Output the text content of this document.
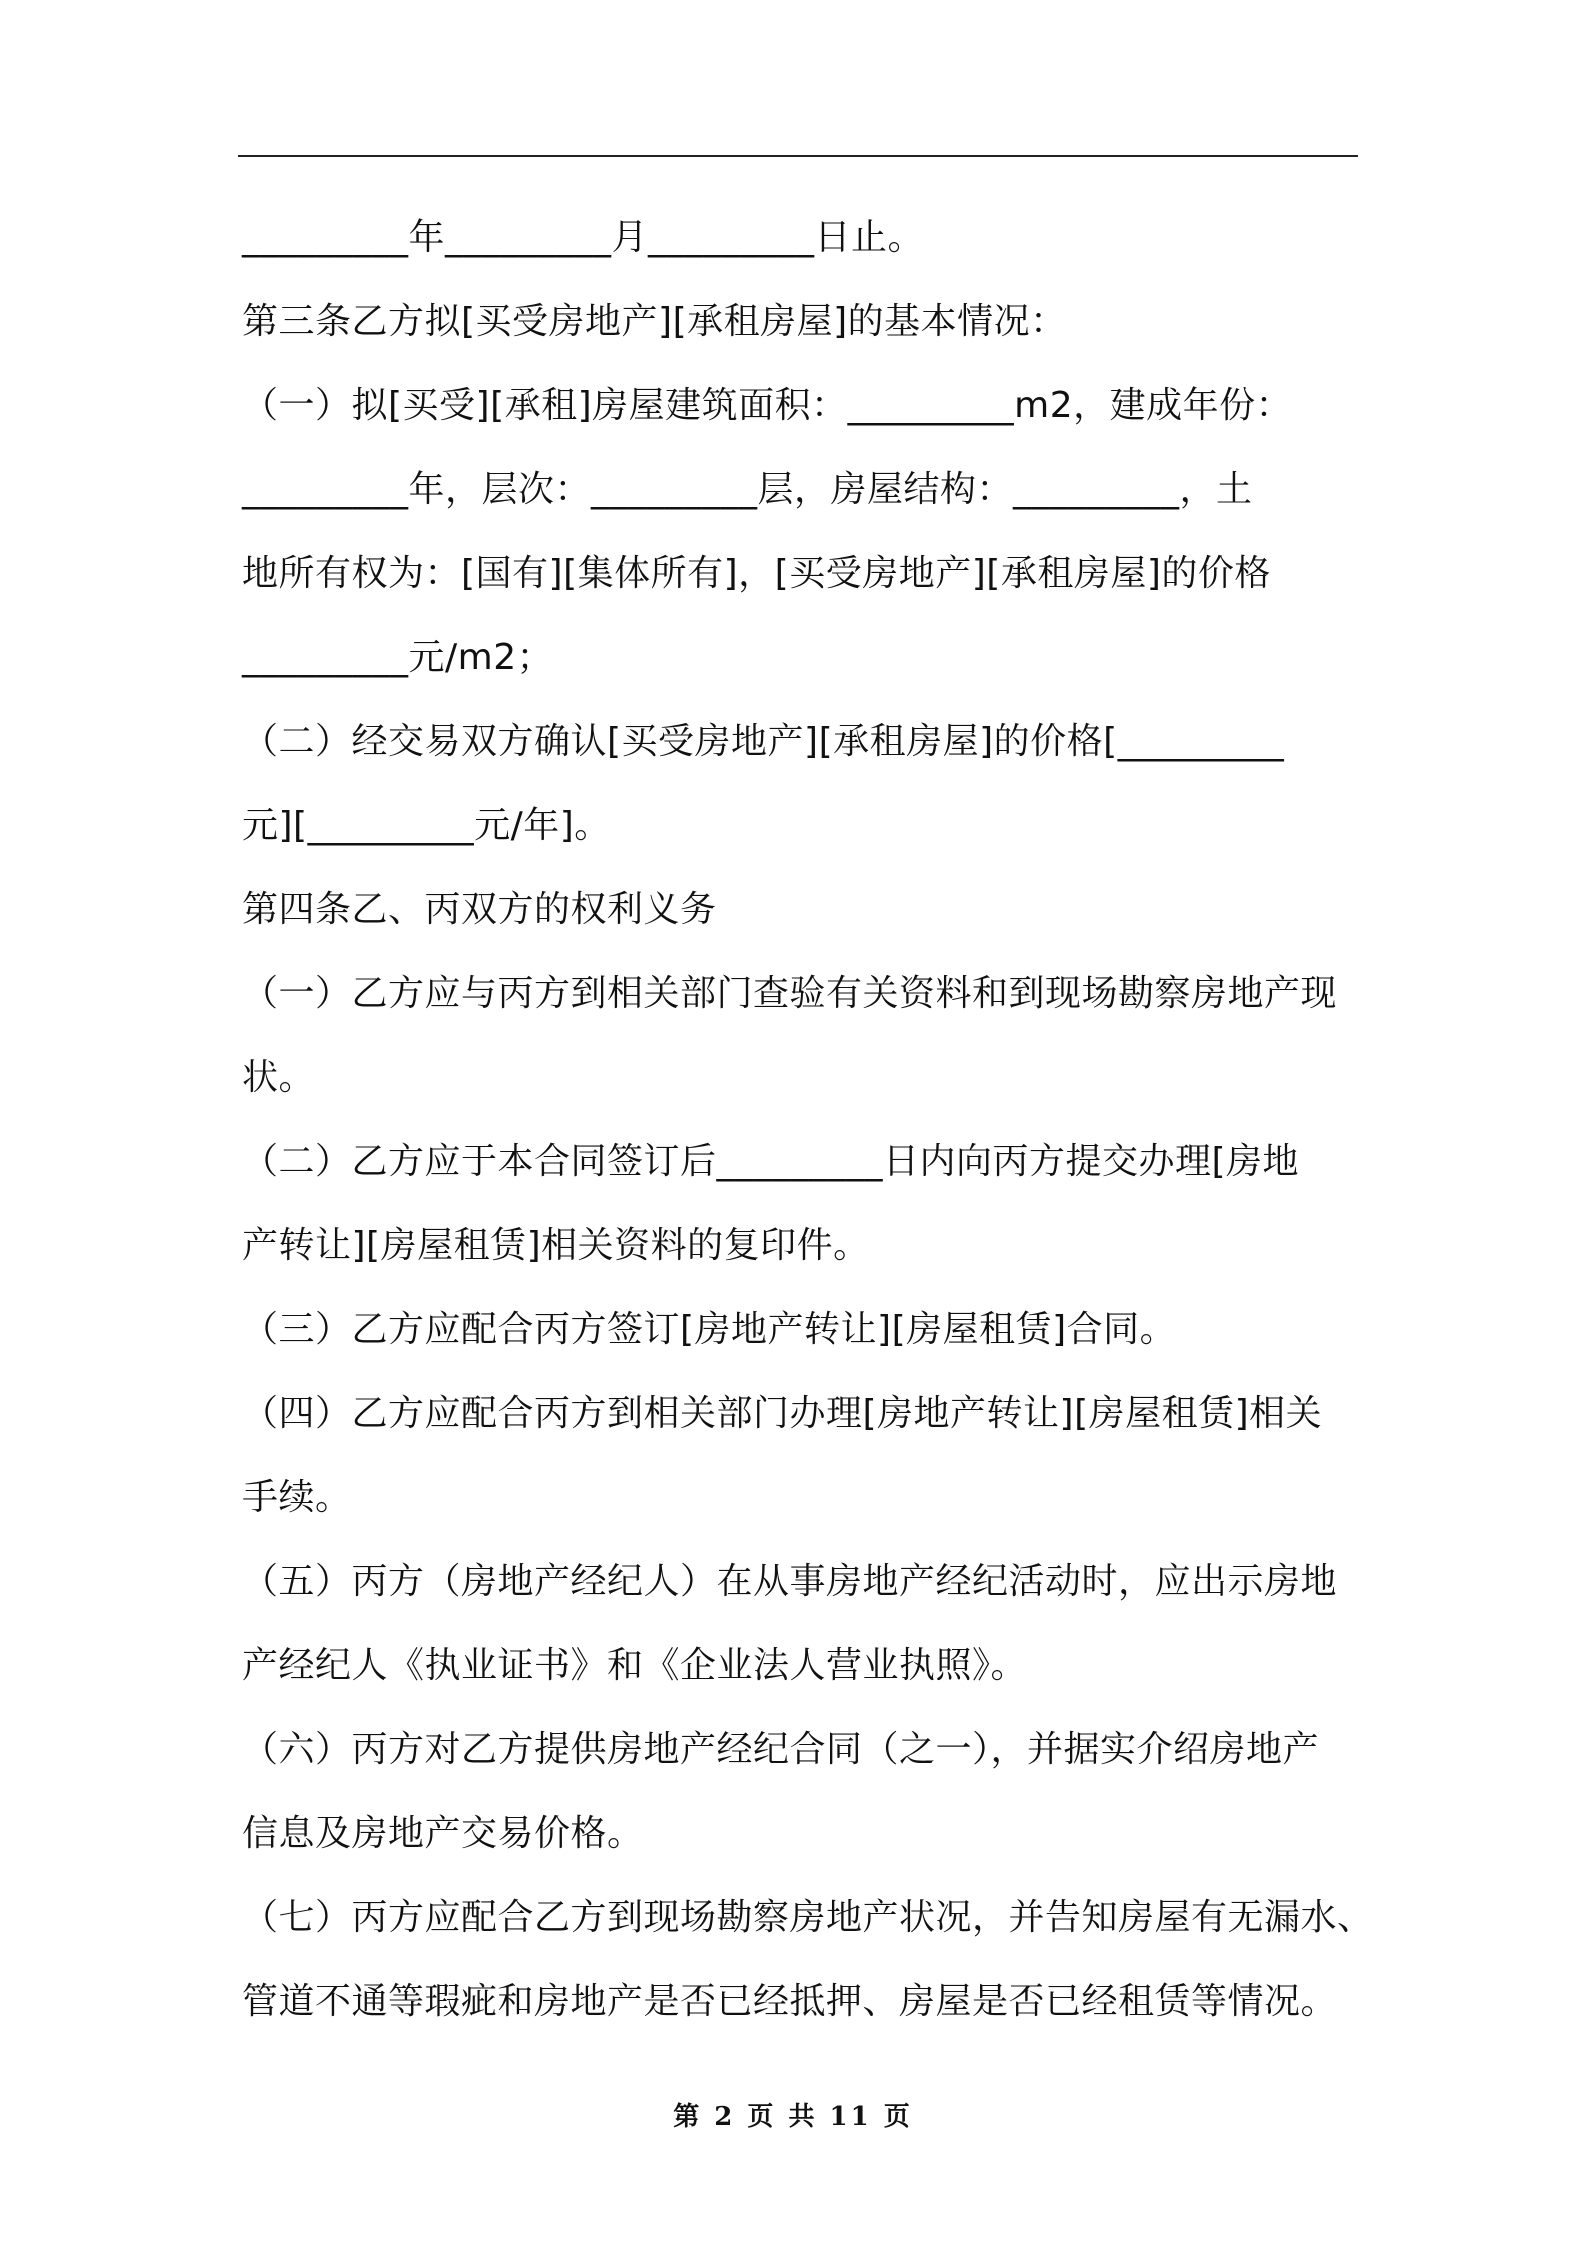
_________年_________月_________日止。
第三条乙方拟[买受房地产][承租房屋]的基本情况：
（一）拟[买受][承租]房屋建筑面积：_________m2，建成年份：
_________年，层次：_________层，房屋结构：_________，土
地所有权为：[国有][集体所有]，[买受房地产][承租房屋]的价格
_________元/m2；
（二）经交易双方确认[买受房地产][承租房屋]的价格[_________
元][_________元/年]。
第四条乙、丙双方的权利义务
（一）乙方应与丙方到相关部门查验有关资料和到现场勘察房地产现
状。
（二）乙方应于本合同签订后_________日内向丙方提交办理[房地
产转让][房屋租赁]相关资料的复印件。
（三）乙方应配合丙方签订[房地产转让][房屋租赁]合同。
（四）乙方应配合丙方到相关部门办理[房地产转让][房屋租赁]相关
手续。
（五）丙方（房地产经纪人）在从事房地产经纪活动时，应出示房地
产经纪人《执业证书》和《企业法人营业执照》。
（六）丙方对乙方提供房地产经纪合同（之一），并据实介绍房地产
信息及房地产交易价格。
（七）丙方应配合乙方到现场勘察房地产状况，并告知房屋有无漏水、
管道不通等瑕疵和房地产是否已经抵押、房屋是否已经租赁等情况。
第 2 页 共 11 页
